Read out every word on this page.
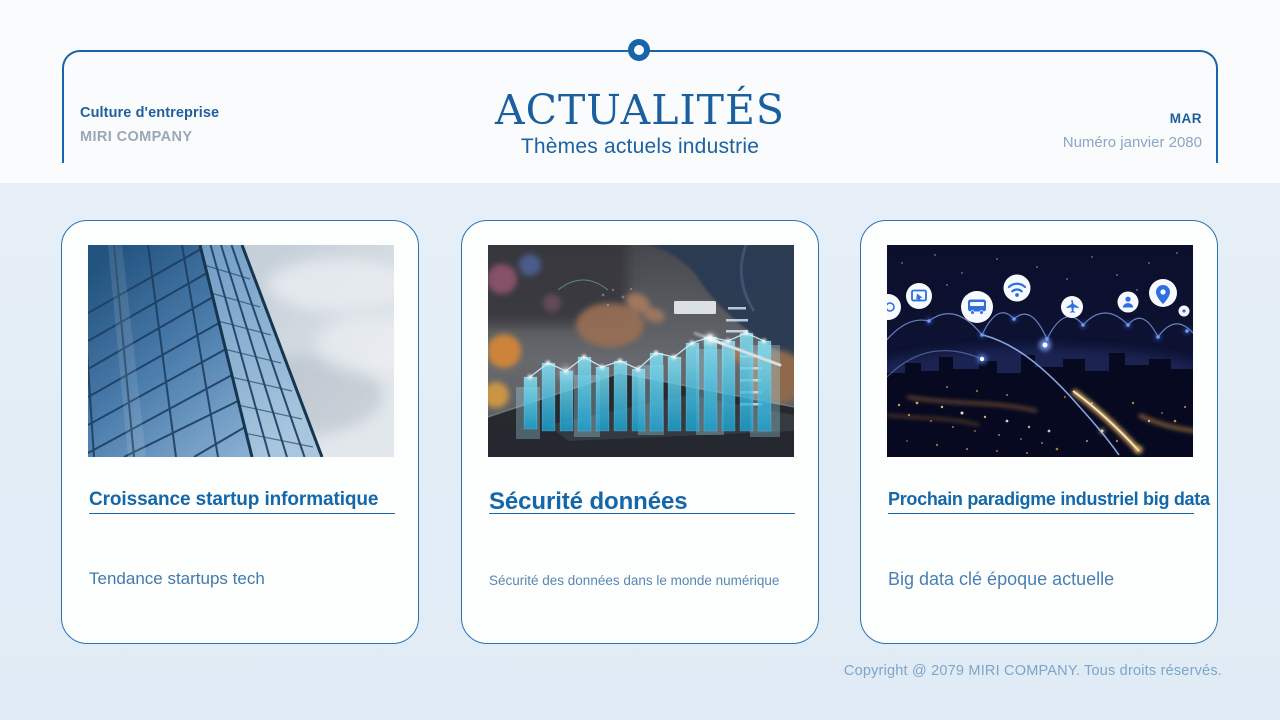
Culture d'entreprise
MIRI COMPANY
ACTUALITÉS
Thèmes actuels industrie
MAR
Numéro janvier 2080
Croissance startup informatique
Tendance startups tech
Sécurité données
Sécurité des données dans le monde numérique
Prochain paradigme industriel big data
Big data clé époque actuelle
Copyright @ 2079 MIRI COMPANY. Tous droits réservés.
